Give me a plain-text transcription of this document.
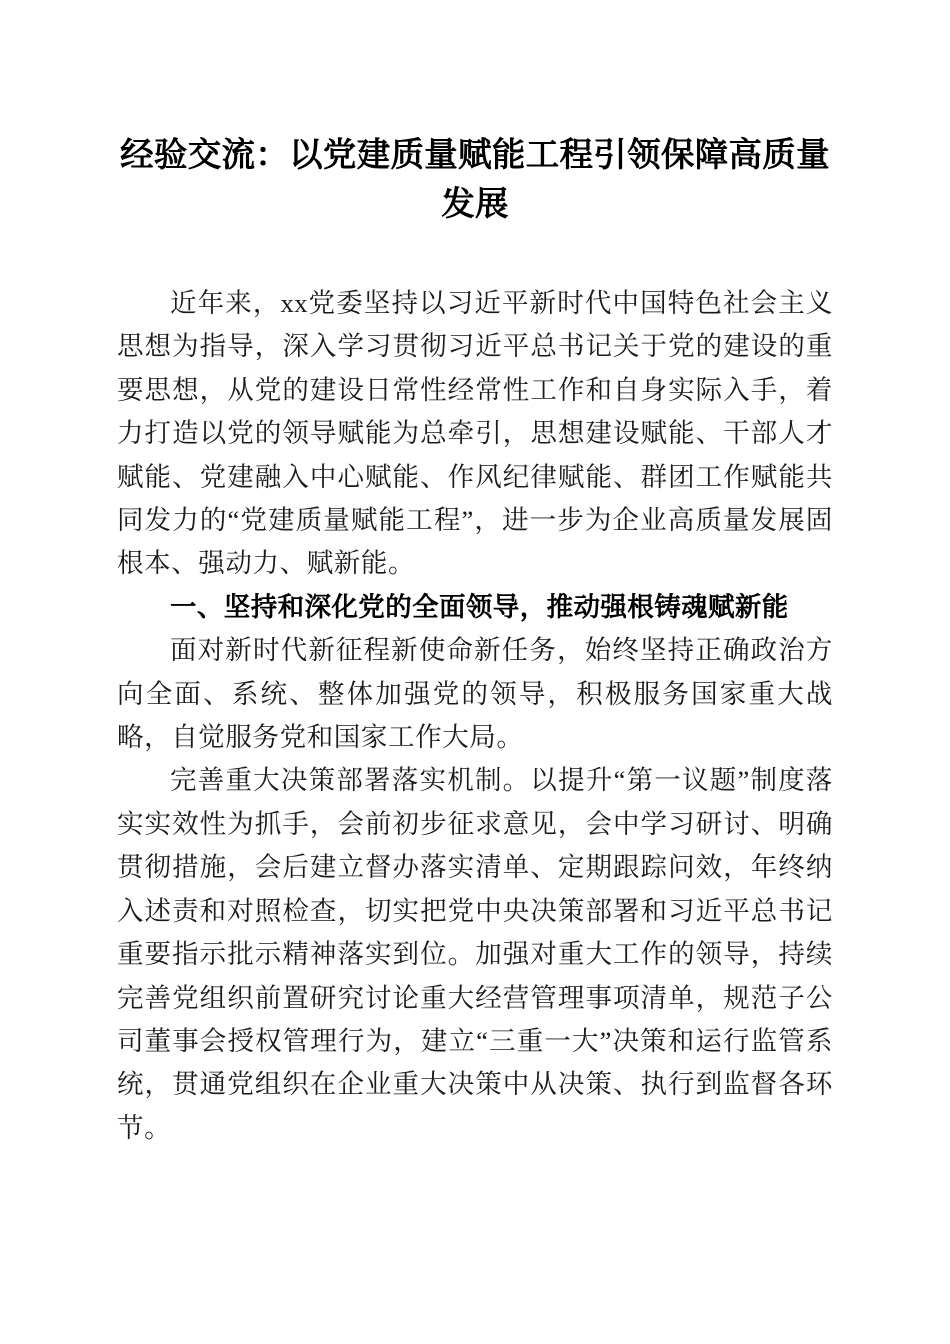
经验交流：以党建质量赋能工程引领保障高质量发展

近年来，xx党委坚持以习近平新时代中国特色社会主义思想为指导，深入学习贯彻习近平总书记关于党的建设的重要思想，从党的建设日常性经常性工作和自身实际入手，着力打造以党的领导赋能为总牵引，思想建设赋能、干部人才赋能、党建融入中心赋能、作风纪律赋能、群团工作赋能共同发力的“党建质量赋能工程”，进一步为企业高质量发展固根本、强动力、赋新能。

一、坚持和深化党的全面领导，推动强根铸魂赋新能

面对新时代新征程新使命新任务，始终坚持正确政治方向全面、系统、整体加强党的领导，积极服务国家重大战略，自觉服务党和国家工作大局。

完善重大决策部署落实机制。以提升“第一议题”制度落实实效性为抓手，会前初步征求意见，会中学习研讨、明确贯彻措施，会后建立督办落实清单、定期跟踪问效，年终纳入述责和对照检查，切实把党中央决策部署和习近平总书记重要指示批示精神落实到位。加强对重大工作的领导，持续完善党组织前置研究讨论重大经营管理事项清单，规范子公司董事会授权管理行为，建立“三重一大”决策和运行监管系统，贯通党组织在企业重大决策中从决策、执行到监督各环节。
